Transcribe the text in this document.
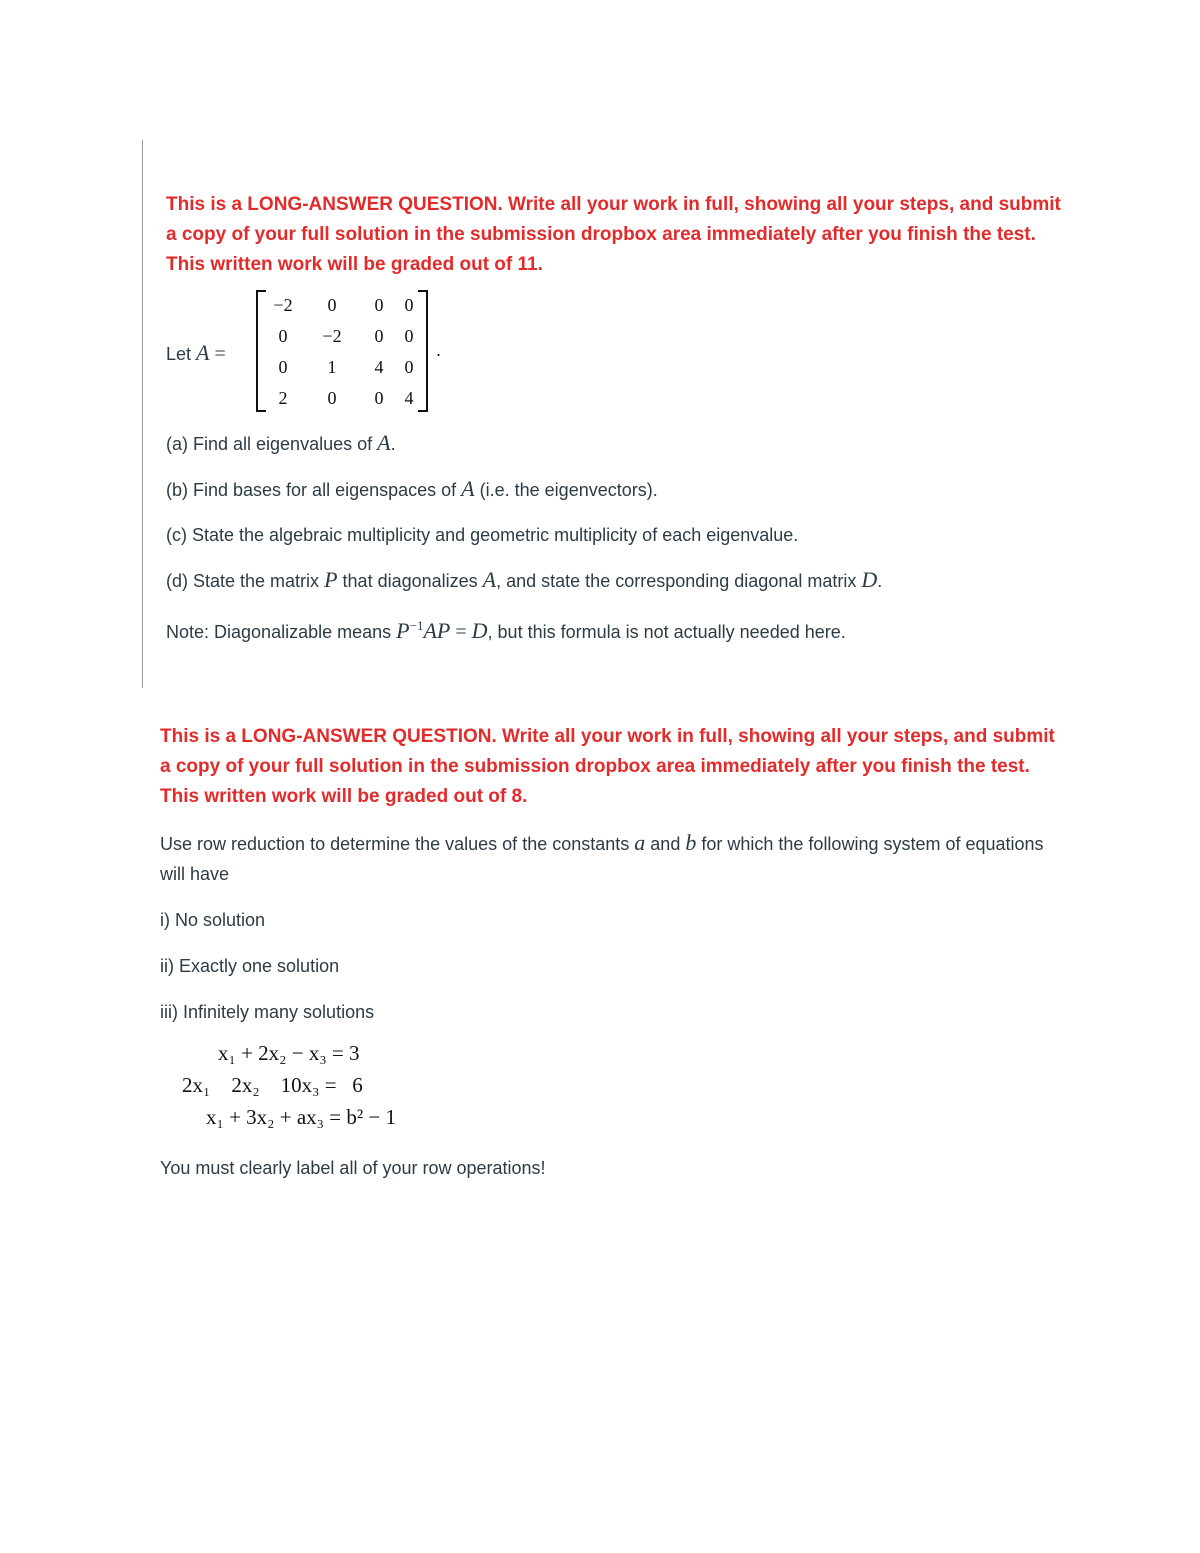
This is a LONG-ANSWER QUESTION. Write all your work in full, showing all your steps, and submit a copy of your full solution in the submission dropbox area immediately after you finish the test. This written work will be graded out of 11.

Let A =
−2	0	0	0
0	−2	0	0
0	1	4	0
2	0	0	4
.

(a) Find all eigenvalues of A.

(b) Find bases for all eigenspaces of A (i.e. the eigenvectors).

(c) State the algebraic multiplicity and geometric multiplicity of each eigenvalue.

(d) State the matrix P that diagonalizes A, and state the corresponding diagonal matrix D.

Note: Diagonalizable means $P^{-1}AP = D$, but this formula is not actually needed here.

This is a LONG-ANSWER QUESTION. Write all your work in full, showing all your steps, and submit a copy of your full solution in the submission dropbox area immediately after you finish the test. This written work will be graded out of 8.

Use row reduction to determine the values of the constants a and b for which the following system of equations will have

i) No solution

ii) Exactly one solution

iii) Infinitely many solutions

x₁ + 2x₂ − x₃ = 3
2x₁    2x₂    10x₃ =   6
x₁ + 3x₂ + ax₃ = b² − 1

You must clearly label all of your row operations!
